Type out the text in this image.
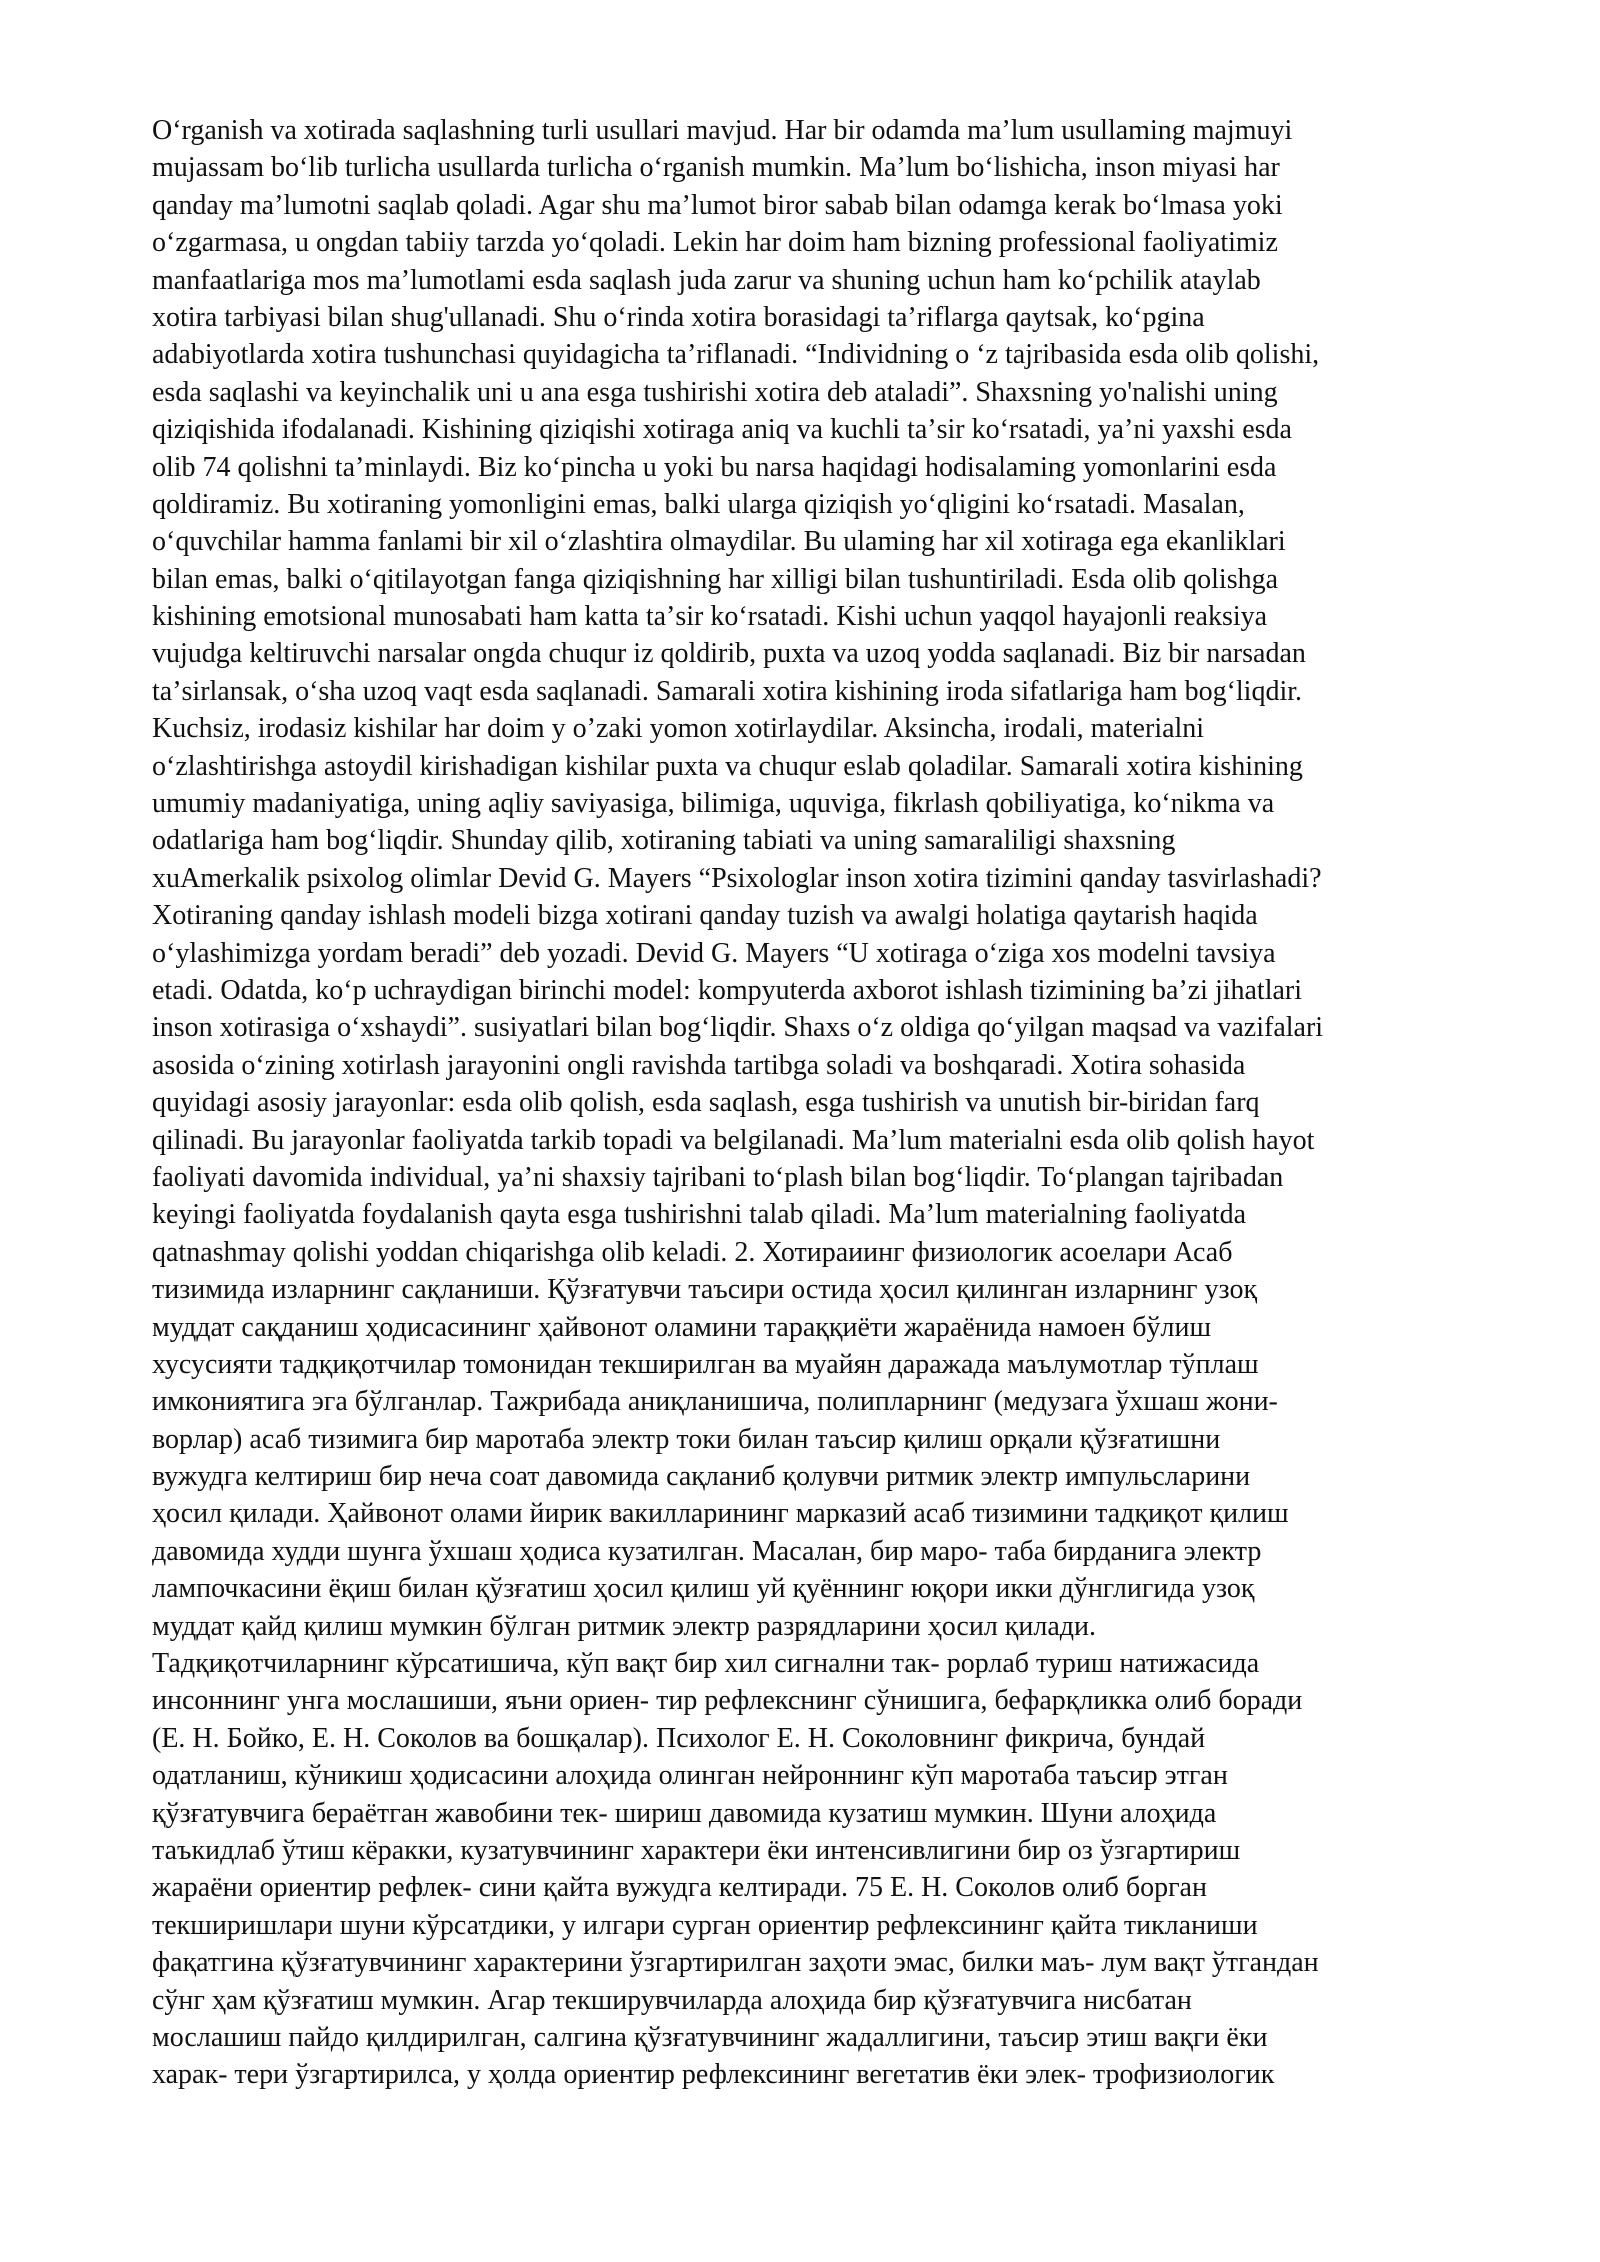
Oʻrganish va xotirada saqlashning turli usullari mavjud. Har bir odamda maʼlum usullaming majmuyi
mujassam boʻlib turlicha usullarda turlicha oʻrganish mumkin. Maʼlum boʻlishicha, inson miyasi har
qanday maʼlumotni saqlab qoladi. Agar shu maʼlumot biror sabab bilan odamga kerak boʻlmasa yoki
oʻzgarmasa, u ongdan tabiiy tarzda yoʻqoladi. Lekin har doim ham bizning professional faoliyatimiz
manfaatlariga mos maʼlumotlami esda saqlash juda zarur va shuning uchun ham koʻpchilik ataylab
xotira tarbiyasi bilan shug'ullanadi. Shu oʻrinda xotira borasidagi taʼriflarga qaytsak, koʻpgina
adabiyotlarda xotira tushunchasi quyidagicha taʼriflanadi. “Individning o ‘z tajribasida esda olib qolishi,
esda saqlashi va keyinchalik uni u ana esga tushirishi xotira deb ataladi”. Shaxsning yo'nalishi uning
qiziqishida ifodalanadi. Kishining qiziqishi xotiraga aniq va kuchli taʼsir koʻrsatadi, yaʼni yaxshi esda
olib 74 qolishni taʼminlaydi. Biz koʻpincha u yoki bu narsa haqidagi hodisalaming yomonlarini esda
qoldiramiz. Bu xotiraning yomonligini emas, balki ularga qiziqish yoʻqligini koʻrsatadi. Masalan,
oʻquvchilar hamma fanlami bir xil oʻzlashtira olmaydilar. Bu ulaming har xil xotiraga ega ekanliklari
bilan emas, balki oʻqitilayotgan fanga qiziqishning har xilligi bilan tushuntiriladi. Esda olib qolishga
kishining emotsional munosabati ham katta taʼsir koʻrsatadi. Kishi uchun yaqqol hayajonli reaksiya
vujudga keltiruvchi narsalar ongda chuqur iz qoldirib, puxta va uzoq yodda saqlanadi. Biz bir narsadan
taʼsirlansak, oʻsha uzoq vaqt esda saqlanadi. Samarali xotira kishining iroda sifatlariga ham bogʻliqdir.
Kuchsiz, irodasiz kishilar har doim y o’zaki yomon xotirlaydilar. Aksincha, irodali, materialni
oʻzlashtirishga astoydil kirishadigan kishilar puxta va chuqur eslab qoladilar. Samarali xotira kishining
umumiy madaniyatiga, uning aqliy saviyasiga, bilimiga, uquviga, fikrlash qobiliyatiga, koʻnikma va
odatlariga ham bogʻliqdir. Shunday qilib, xotiraning tabiati va uning samaraliligi shaxsning
xuAmerkalik psixolog olimlar Devid G. Mayers “Psixologlar inson xotira tizimini qanday tasvirlashadi?
Xotiraning qanday ishlash modeli bizga xotirani qanday tuzish va awalgi holatiga qaytarish haqida
oʻylashimizga yordam beradi” deb yozadi. Devid G. Mayers “U xotiraga oʻziga xos modelni tavsiya
etadi. Odatda, koʻp uchraydigan birinchi model: kompyuterda axborot ishlash tizimining baʼzi jihatlari
inson xotirasiga oʻxshaydi”. susiyatlari bilan bogʻliqdir. Shaxs oʻz oldiga qoʻyilgan maqsad va vazifalari
asosida oʻzining xotirlash jarayonini ongli ravishda tartibga soladi va boshqaradi. Xotira sohasida
quyidagi asosiy jarayonlar: esda olib qolish, esda saqlash, esga tushirish va unutish bir-biridan farq
qilinadi. Bu jarayonlar faoliyatda tarkib topadi va belgilanadi. Maʼlum materialni esda olib qolish hayot
faoliyati davomida individual, yaʼni shaxsiy tajribani toʻplash bilan bogʻliqdir. Toʻplangan tajribadan
keyingi faoliyatda foydalanish qayta esga tushirishni talab qiladi. Maʼlum materialning faoliyatda
qatnashmay qolishi yoddan chiqarishga olib keladi. 2. Хотираиинг физиологик асоелари Асаб
тизимида изларнинг сақланиши. Қўзғатувчи таъсири остида ҳосил қилинган изларнинг узоқ
муддат сақданиш ҳодисасининг ҳайвонот оламини тараққиёти жараёнида намоен бўлиш
хусусияти тадқиқотчилар томонидан текширилган ва муайян даражада маълумотлар тўплаш
имкониятига эга бўлганлар. Тажрибада аниқланишича, полипларнинг (медузага ўхшаш жони-
ворлар) асаб тизимига бир маротаба электр токи билан таъсир қилиш орқали қўзғатишни
вужудга келтириш бир неча соат давомида сақланиб қолувчи ритмик электр импульсларини
ҳосил қилади. Ҳайвонот олами йирик вакилларининг марказий асаб тизимини тадқиқот қилиш
давомида худди шунга ўхшаш ҳодиса кузатилган. Масалан, бир маро- таба бирданига электр
лампочкасини ёқиш билан қўзғатиш ҳосил қилиш уй қуённинг юқори икки дўнглигида узоқ
муддат қайд қилиш мумкин бўлган ритмик электр разрядларини ҳосил қилади.
Тадқиқотчиларнинг кўрсатишича, кўп вақт бир хил сигнални так- рорлаб туриш натижасида
инсоннинг унга мослашиши, яъни ориен- тир рефлекснинг сўнишига, бефарқликка олиб боради
(Е. Н. Бойко, Е. Н. Соколов ва бошқалар). Психолог Е. Н. Соколовнинг фикрича, бундай
одатланиш, кўникиш ҳодисасини алоҳида олинган нейроннинг кўп маротаба таъсир этган
қўзғатувчига бераётган жавобини тек- шириш давомида кузатиш мумкин. Шуни алоҳида
таъкидлаб ўтиш кёракки, кузатувчининг характери ёки интенсивлигини бир оз ўзгартириш
жараёни ориентир рефлек- сини қайта вужудга келтиради. 75 Е. Н. Соколов олиб борган
текширишлари шуни кўрсатдики, у илгари сурган ориентир рефлексининг қайта тикланиши
фақатгина қўзғатувчининг характерини ўзгартирилган заҳоти эмас, билки маъ- лум вақт ўтгандан
сўнг ҳам қўзғатиш мумкин. Агар текширувчиларда алоҳида бир қўзғатувчига нисбатан
мослашиш пайдо қилдирилган, салгина қўзғатувчининг жадаллигини, таъсир этиш вақги ёки
харак- тери ўзгартирилса, у ҳолда ориентир рефлексининг вегетатив ёки элек- трофизиологик
